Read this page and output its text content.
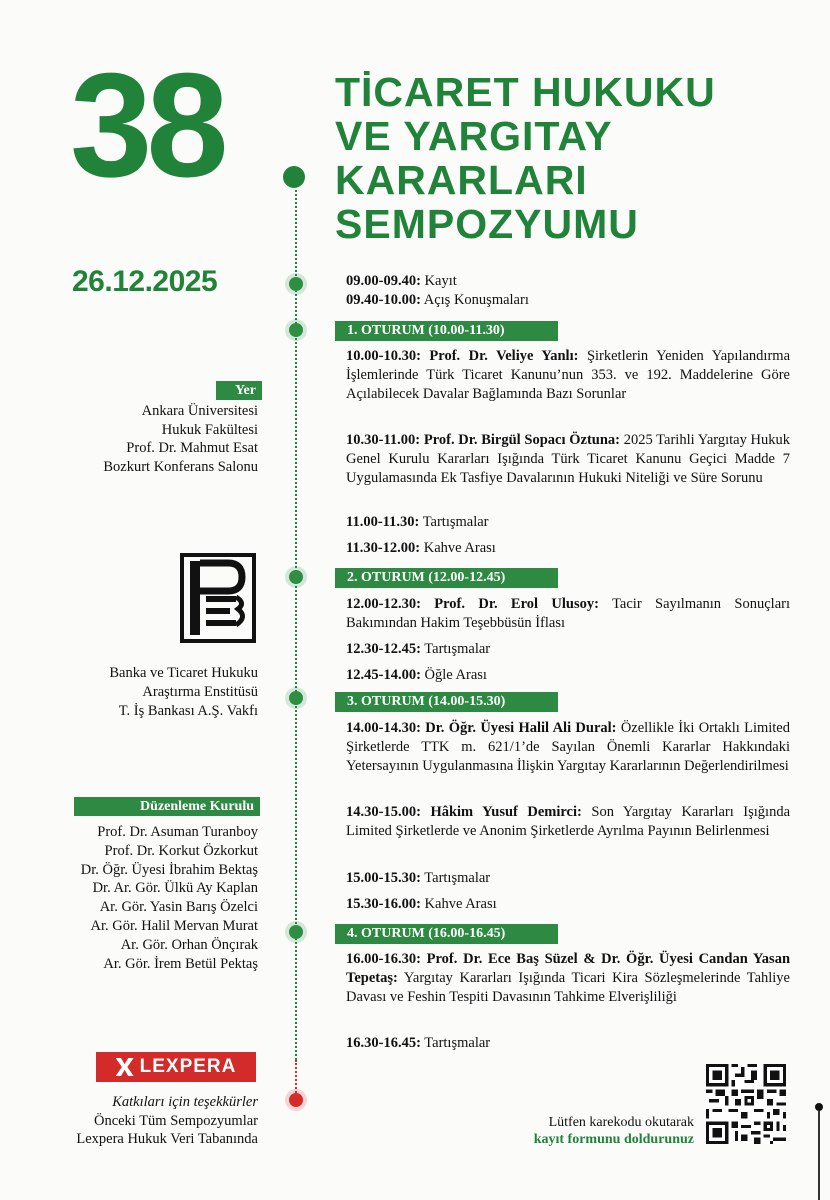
38	TİCARET HUKUKU
VE YARGITAY
KARARLARI
SEMPOZYUMU
26.12.2025
Yer
Ankara Üniversitesi
Hukuk Fakültesi
Prof. Dr. Mahmut Esat
Bozkurt Konferans Salonu
Banka ve Ticaret Hukuku
Araştırma Enstitüsü
T. İş Bankası A.Ş. Vakfı
Düzenleme Kurulu
Prof. Dr. Asuman Turanboy
Prof. Dr. Korkut Özkorkut
Dr. Öğr. Üyesi İbrahim Bektaş
Dr. Ar. Gör. Ülkü Ay Kaplan
Ar. Gör. Yasin Barış Özelci
Ar. Gör. Halil Mervan Murat
Ar. Gör. Orhan Önçırak
Ar. Gör. İrem Betül Pektaş
LEXPERA
Katkıları için teşekkürler
Önceki Tüm Sempozyumlar
Lexpera Hukuk Veri Tabanında
09.00-09.40: Kayıt
09.40-10.00: Açış Konuşmaları
1. OTURUM (10.00-11.30)
10.00-10.30: Prof. Dr. Veliye Yanlı: Şirketlerin Yeniden Yapılandırma İşlemlerinde Türk Ticaret Kanunu’nun 353. ve 192. Maddelerine Göre Açılabilecek Davalar Bağlamında Bazı Sorunlar
10.30-11.00: Prof. Dr. Birgül Sopacı Öztuna: 2025 Tarihli Yargıtay Hukuk Genel Kurulu Kararları Işığında Türk Ticaret Kanunu Geçici Madde 7 Uygulamasında Ek Tasfiye Davalarının Hukuki Niteliği ve Süre Sorunu
11.00-11.30: Tartışmalar
11.30-12.00: Kahve Arası
2. OTURUM (12.00-12.45)
12.00-12.30: Prof. Dr. Erol Ulusoy: Tacir Sayılmanın Sonuçları Bakımından Hakim Teşebbüsün İflası
12.30-12.45: Tartışmalar
12.45-14.00: Öğle Arası
3. OTURUM (14.00-15.30)
14.00-14.30: Dr. Öğr. Üyesi Halil Ali Dural: Özellikle İki Ortaklı Limited Şirketlerde TTK m. 621/1’de Sayılan Önemli Kararlar Hakkındaki Yetersayının Uygulanmasına İlişkin Yargıtay Kararlarının Değerlendirilmesi
14.30-15.00: Hâkim Yusuf Demirci: Son Yargıtay Kararları Işığında Limited Şirketlerde ve Anonim Şirketlerde Ayrılma Payının Belirlenmesi
15.00-15.30: Tartışmalar
15.30-16.00: Kahve Arası
4. OTURUM (16.00-16.45)
16.00-16.30: Prof. Dr. Ece Baş Süzel & Dr. Öğr. Üyesi Candan Yasan Tepetaş: Yargıtay Kararları Işığında Ticari Kira Sözleşmelerinde Tahliye Davası ve Feshin Tespiti Davasının Tahkime Elverişliliği
16.30-16.45: Tartışmalar
Lütfen karekodu okutarak
kayıt formunu doldurunuz
